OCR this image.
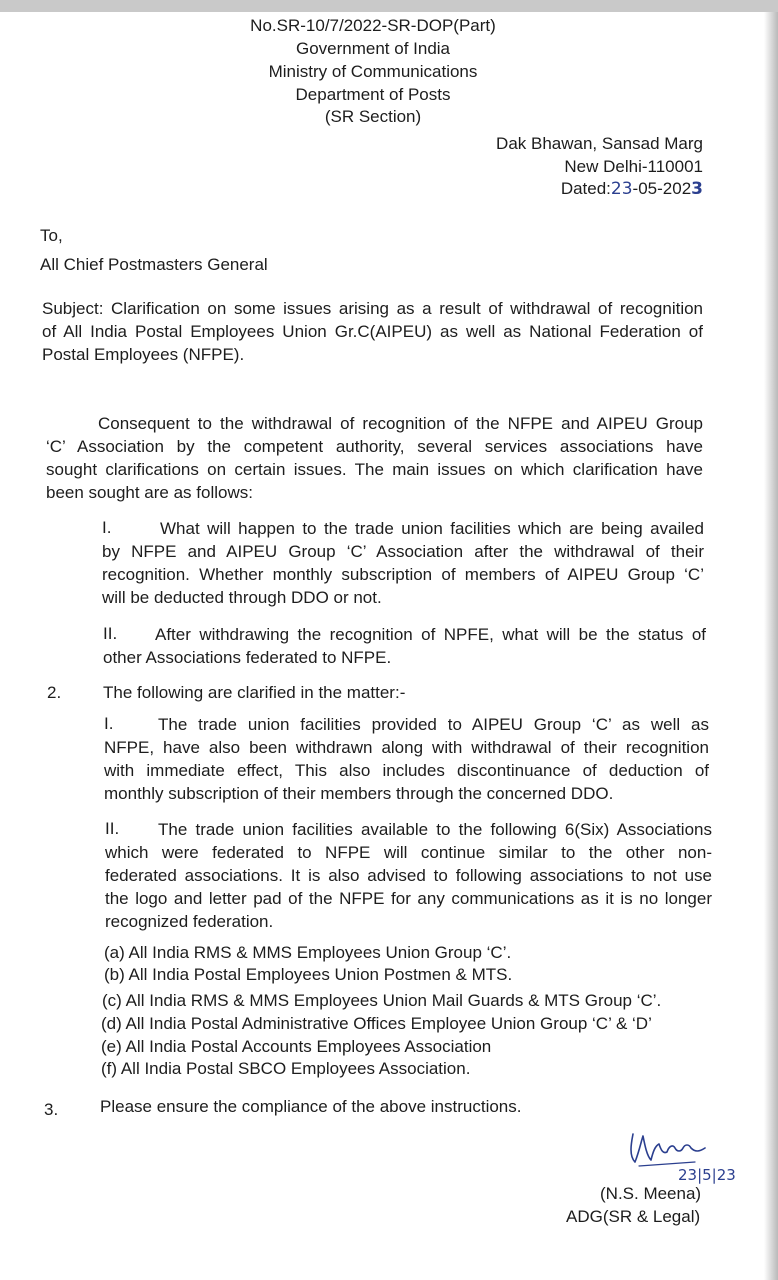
No.SR-10/7/2022-SR-DOP(Part)
Government of India
Ministry of Communications
Department of Posts
(SR Section)
Dak Bhawan, Sansad Marg
New Delhi-110001
Dated:23-05-2023
To,
All Chief Postmasters General
Subject: Clarification on some issues arising as a result of withdrawal of recognition
of All India Postal Employees Union Gr.C(AIPEU) as well as National Federation of
Postal Employees (NFPE).
Consequent to the withdrawal of recognition of the NFPE and AIPEU Group
‘C’ Association by the competent authority, several services associations have
sought clarifications on certain issues. The main issues on which clarification have
been sought are as follows:
I.	What will happen to the trade union facilities which are being availed
by NFPE and AIPEU Group ‘C’ Association after the withdrawal of their
recognition. Whether monthly subscription of members of AIPEU Group ‘C’
will be deducted through DDO or not.
II.	After withdrawing the recognition of NPFE, what will be the status of
other Associations federated to NFPE.
2. The following are clarified in the matter:-
I.	The trade union facilities provided to AIPEU Group ‘C’ as well as
NFPE, have also been withdrawn along with withdrawal of their recognition
with immediate effect, This also includes discontinuance of deduction of
monthly subscription of their members through the concerned DDO.
II.	The trade union facilities available to the following 6(Six) Associations
which were federated to NFPE will continue similar to the other non-
federated associations. It is also advised to following associations to not use
the logo and letter pad of the NFPE for any communications as it is no longer
recognized federation.
(a) All India RMS & MMS Employees Union Group ‘C’.
(b) All India Postal Employees Union Postmen & MTS.
(c) All India RMS & MMS Employees Union Mail Guards & MTS Group ‘C’.
(d) All India Postal Administrative Offices Employee Union Group ‘C’ & ‘D’
(e) All India Postal Accounts Employees Association
(f) All India Postal SBCO Employees Association.
3. Please ensure the compliance of the above instructions.
23|5|23
(N.S. Meena)
ADG(SR & Legal)
